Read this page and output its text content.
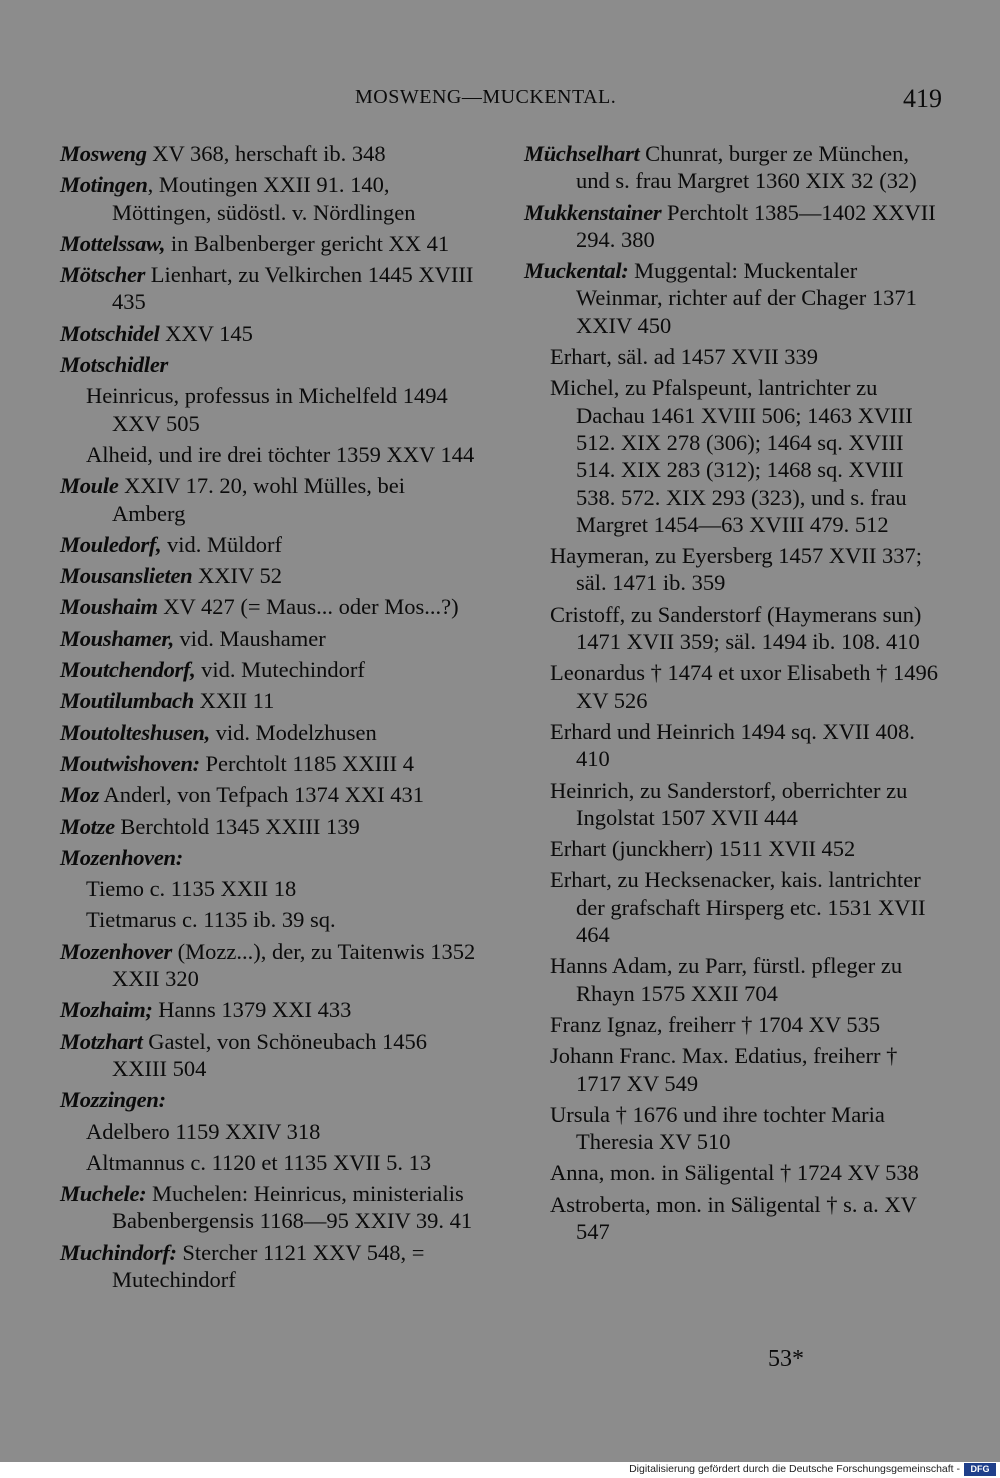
MOSWENG—MUCKENTAL.	419
Mosweng XV 368, herschaft ib. 348
Motingen, Moutingen XXII 91. 140, Möttingen, südöstl. v. Nördlingen
Mottelssaw, in Balbenberger gericht XX 41
Mötscher Lienhart, zu Velkirchen 1445 XVIII 435
Motschidel XXV 145
Motschidler
Heinricus, professus in Michelfeld 1494 XXV 505
Alheid, und ire drei töchter 1359 XXV 144
Moule XXIV 17. 20, wohl Mülles, bei Amberg
Mouledorf, vid. Müldorf
Mousanslieten XXIV 52
Moushaim XV 427 (= Maus... oder Mos...?)
Moushamer, vid. Maushamer
Moutchendorf, vid. Mutechindorf
Moutilumbach XXII 11
Moutolteshusen, vid. Modelzhusen
Moutwishoven: Perchtolt 1185 XXIII 4
Moz Anderl, von Tefpach 1374 XXI 431
Motze Berchtold 1345 XXIII 139
Mozenhoven:
Tiemo c. 1135 XXII 18
Tietmarus c. 1135 ib. 39 sq.
Mozenhover (Mozz...), der, zu Taitenwis 1352 XXII 320
Mozhaim; Hanns 1379 XXI 433
Motzhart Gastel, von Schöneubach 1456 XXIII 504
Mozzingen:
Adelbero 1159 XXIV 318
Altmannus c. 1120 et 1135 XVII 5. 13
Muchele: Muchelen: Heinricus, ministerialis Babenbergensis 1168—95 XXIV 39. 41
Muchindorf: Stercher 1121 XXV 548, = Mutechindorf
Müchselhart Chunrat, burger ze München, und s. frau Margret 1360 XIX 32 (32)
Mukkenstainer Perchtolt 1385—1402 XXVII 294. 380
Muckental: Muggental: Muckentaler Weinmar, richter auf der Chager 1371 XXIV 450
Erhart, säl. ad 1457 XVII 339
Michel, zu Pfalspeunt, lantrichter zu Dachau 1461 XVIII 506; 1463 XVIII 512. XIX 278 (306); 1464 sq. XVIII 514. XIX 283 (312); 1468 sq. XVIII 538. 572. XIX 293 (323), und s. frau Margret 1454—63 XVIII 479. 512
Haymeran, zu Eyersberg 1457 XVII 337; säl. 1471 ib. 359
Cristoff, zu Sanderstorf (Haymerans sun) 1471 XVII 359; säl. 1494 ib. 108. 410
Leonardus † 1474 et uxor Elisabeth † 1496 XV 526
Erhard und Heinrich 1494 sq. XVII 408. 410
Heinrich, zu Sanderstorf, oberrichter zu Ingolstat 1507 XVII 444
Erhart (junckherr) 1511 XVII 452
Erhart, zu Hecksenacker, kais. lantrichter der grafschaft Hirsperg etc. 1531 XVII 464
Hanns Adam, zu Parr, fürstl. pfleger zu Rhayn 1575 XXII 704
Franz Ignaz, freiherr † 1704 XV 535
Johann Franc. Max. Edatius, freiherr † 1717 XV 549
Ursula † 1676 und ihre tochter Maria Theresia XV 510
Anna, mon. in Säligental † 1724 XV 538
Astroberta, mon. in Säligental † s. a. XV 547
53*
Digitalisierung gefördert durch die Deutsche Forschungsgemeinschaft -	DFG
